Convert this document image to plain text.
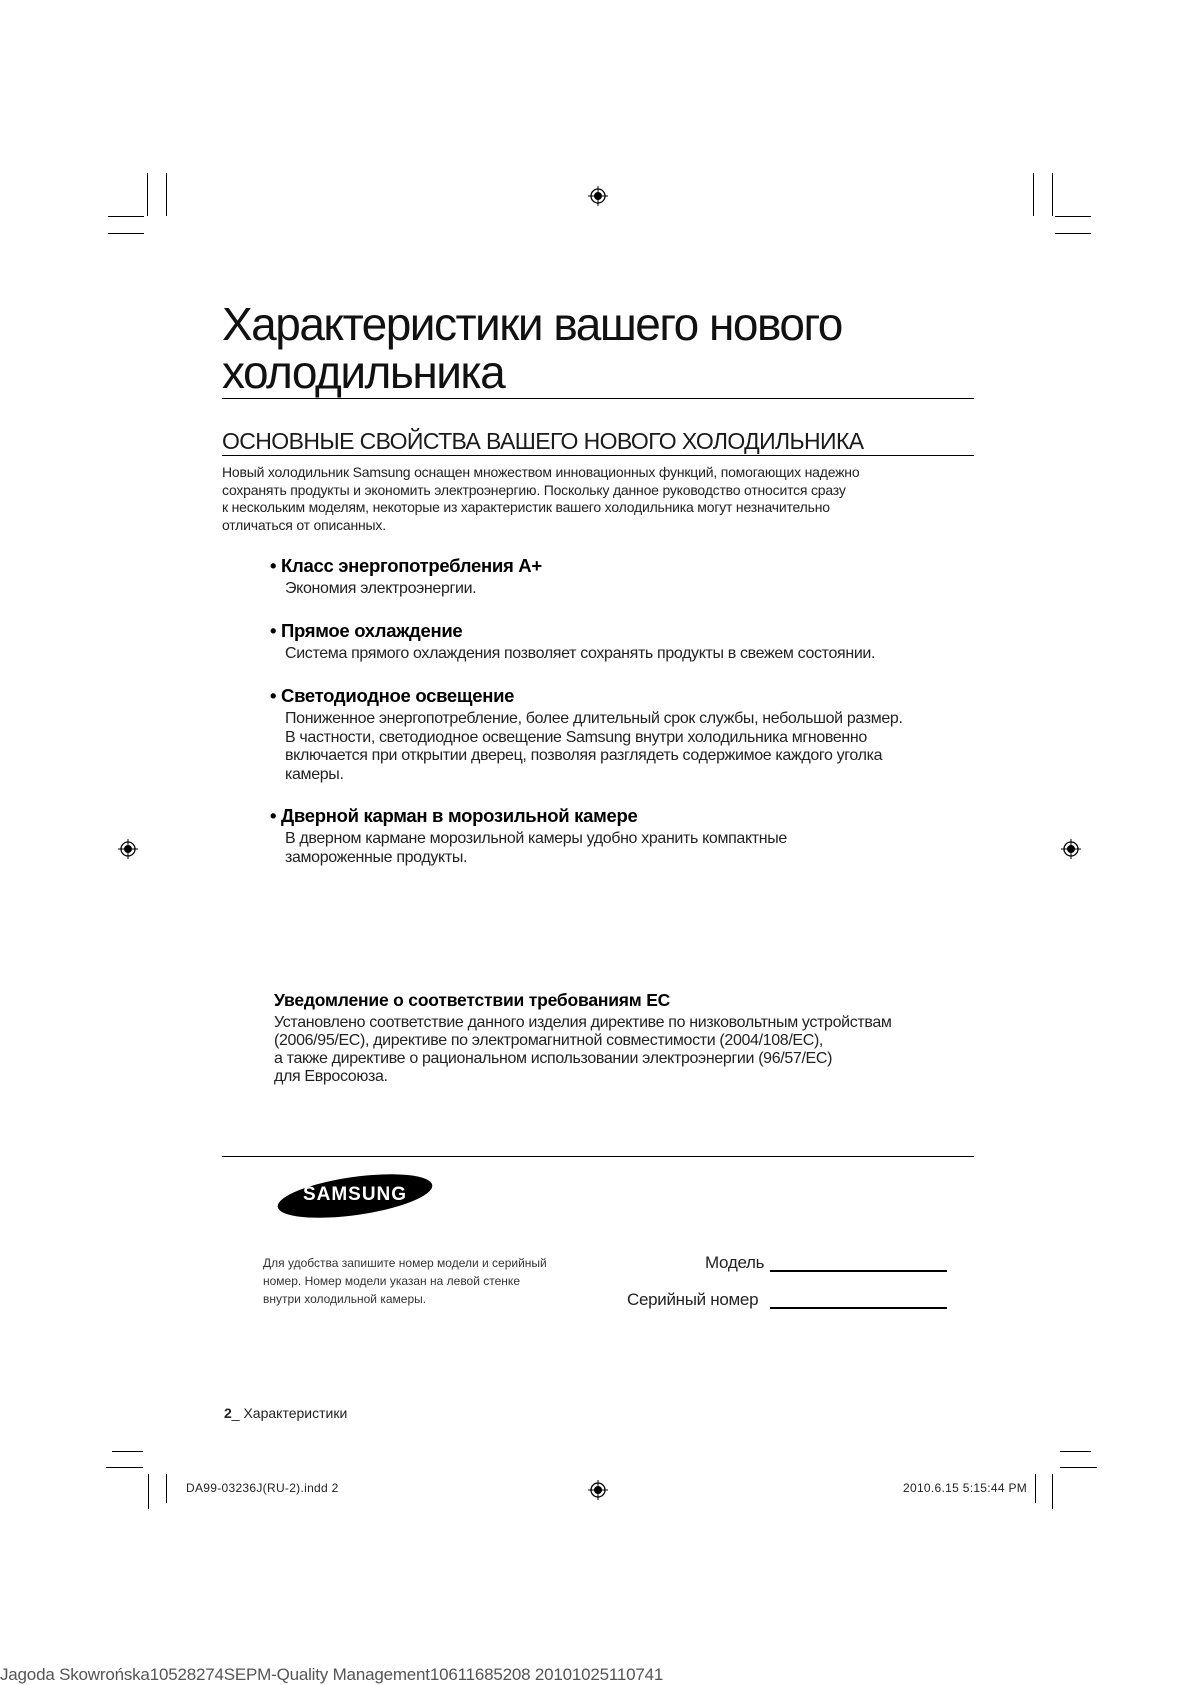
Характеристики вашего нового
холодильника
ОСНОВНЫЕ СВОЙСТВА ВАШЕГО НОВОГО ХОЛОДИЛЬНИКА
Новый холодильник Samsung оснащен множеством инновационных функций, помогающих надежно
сохранять продукты и экономить электроэнергию. Поскольку данное руководство относится сразу
к нескольким моделям, некоторые из характеристик вашего холодильника могут незначительно
отличаться от описанных.
• Класс энергопотребления A+
Экономия электроэнергии.
• Прямое охлаждение
Система прямого охлаждения позволяет сохранять продукты в свежем состоянии.
• Светодиодное освещение
Пониженное энергопотребление, более длительный срок службы, небольшой размер.
В частности, светодиодное освещение Samsung внутри холодильника мгновенно
включается при открытии дверец, позволяя разглядеть содержимое каждого уголка
камеры.
• Дверной карман в морозильной камере
В дверном кармане морозильной камеры удобно хранить компактные
замороженные продукты.
Уведомление о соответствии требованиям ЕС
Установлено соответствие данного изделия директиве по низковольтным устройствам
(2006/95/EC), директиве по электромагнитной совместимости (2004/108/EC),
а также директиве о рациональном использовании электроэнергии (96/57/EC)
для Евросоюза.
SAMSUNG
Для удобства запишите номер модели и серийный
номер. Номер модели указан на левой стенке
внутри холодильной камеры.
Модель
Серийный номер
2_ Характеристики
DA99-03236J(RU-2).indd 2	2010.6.15 5:15:44 PM
Jagoda Skowrońska10528274SEPM-Quality Management10611685208 20101025110741
